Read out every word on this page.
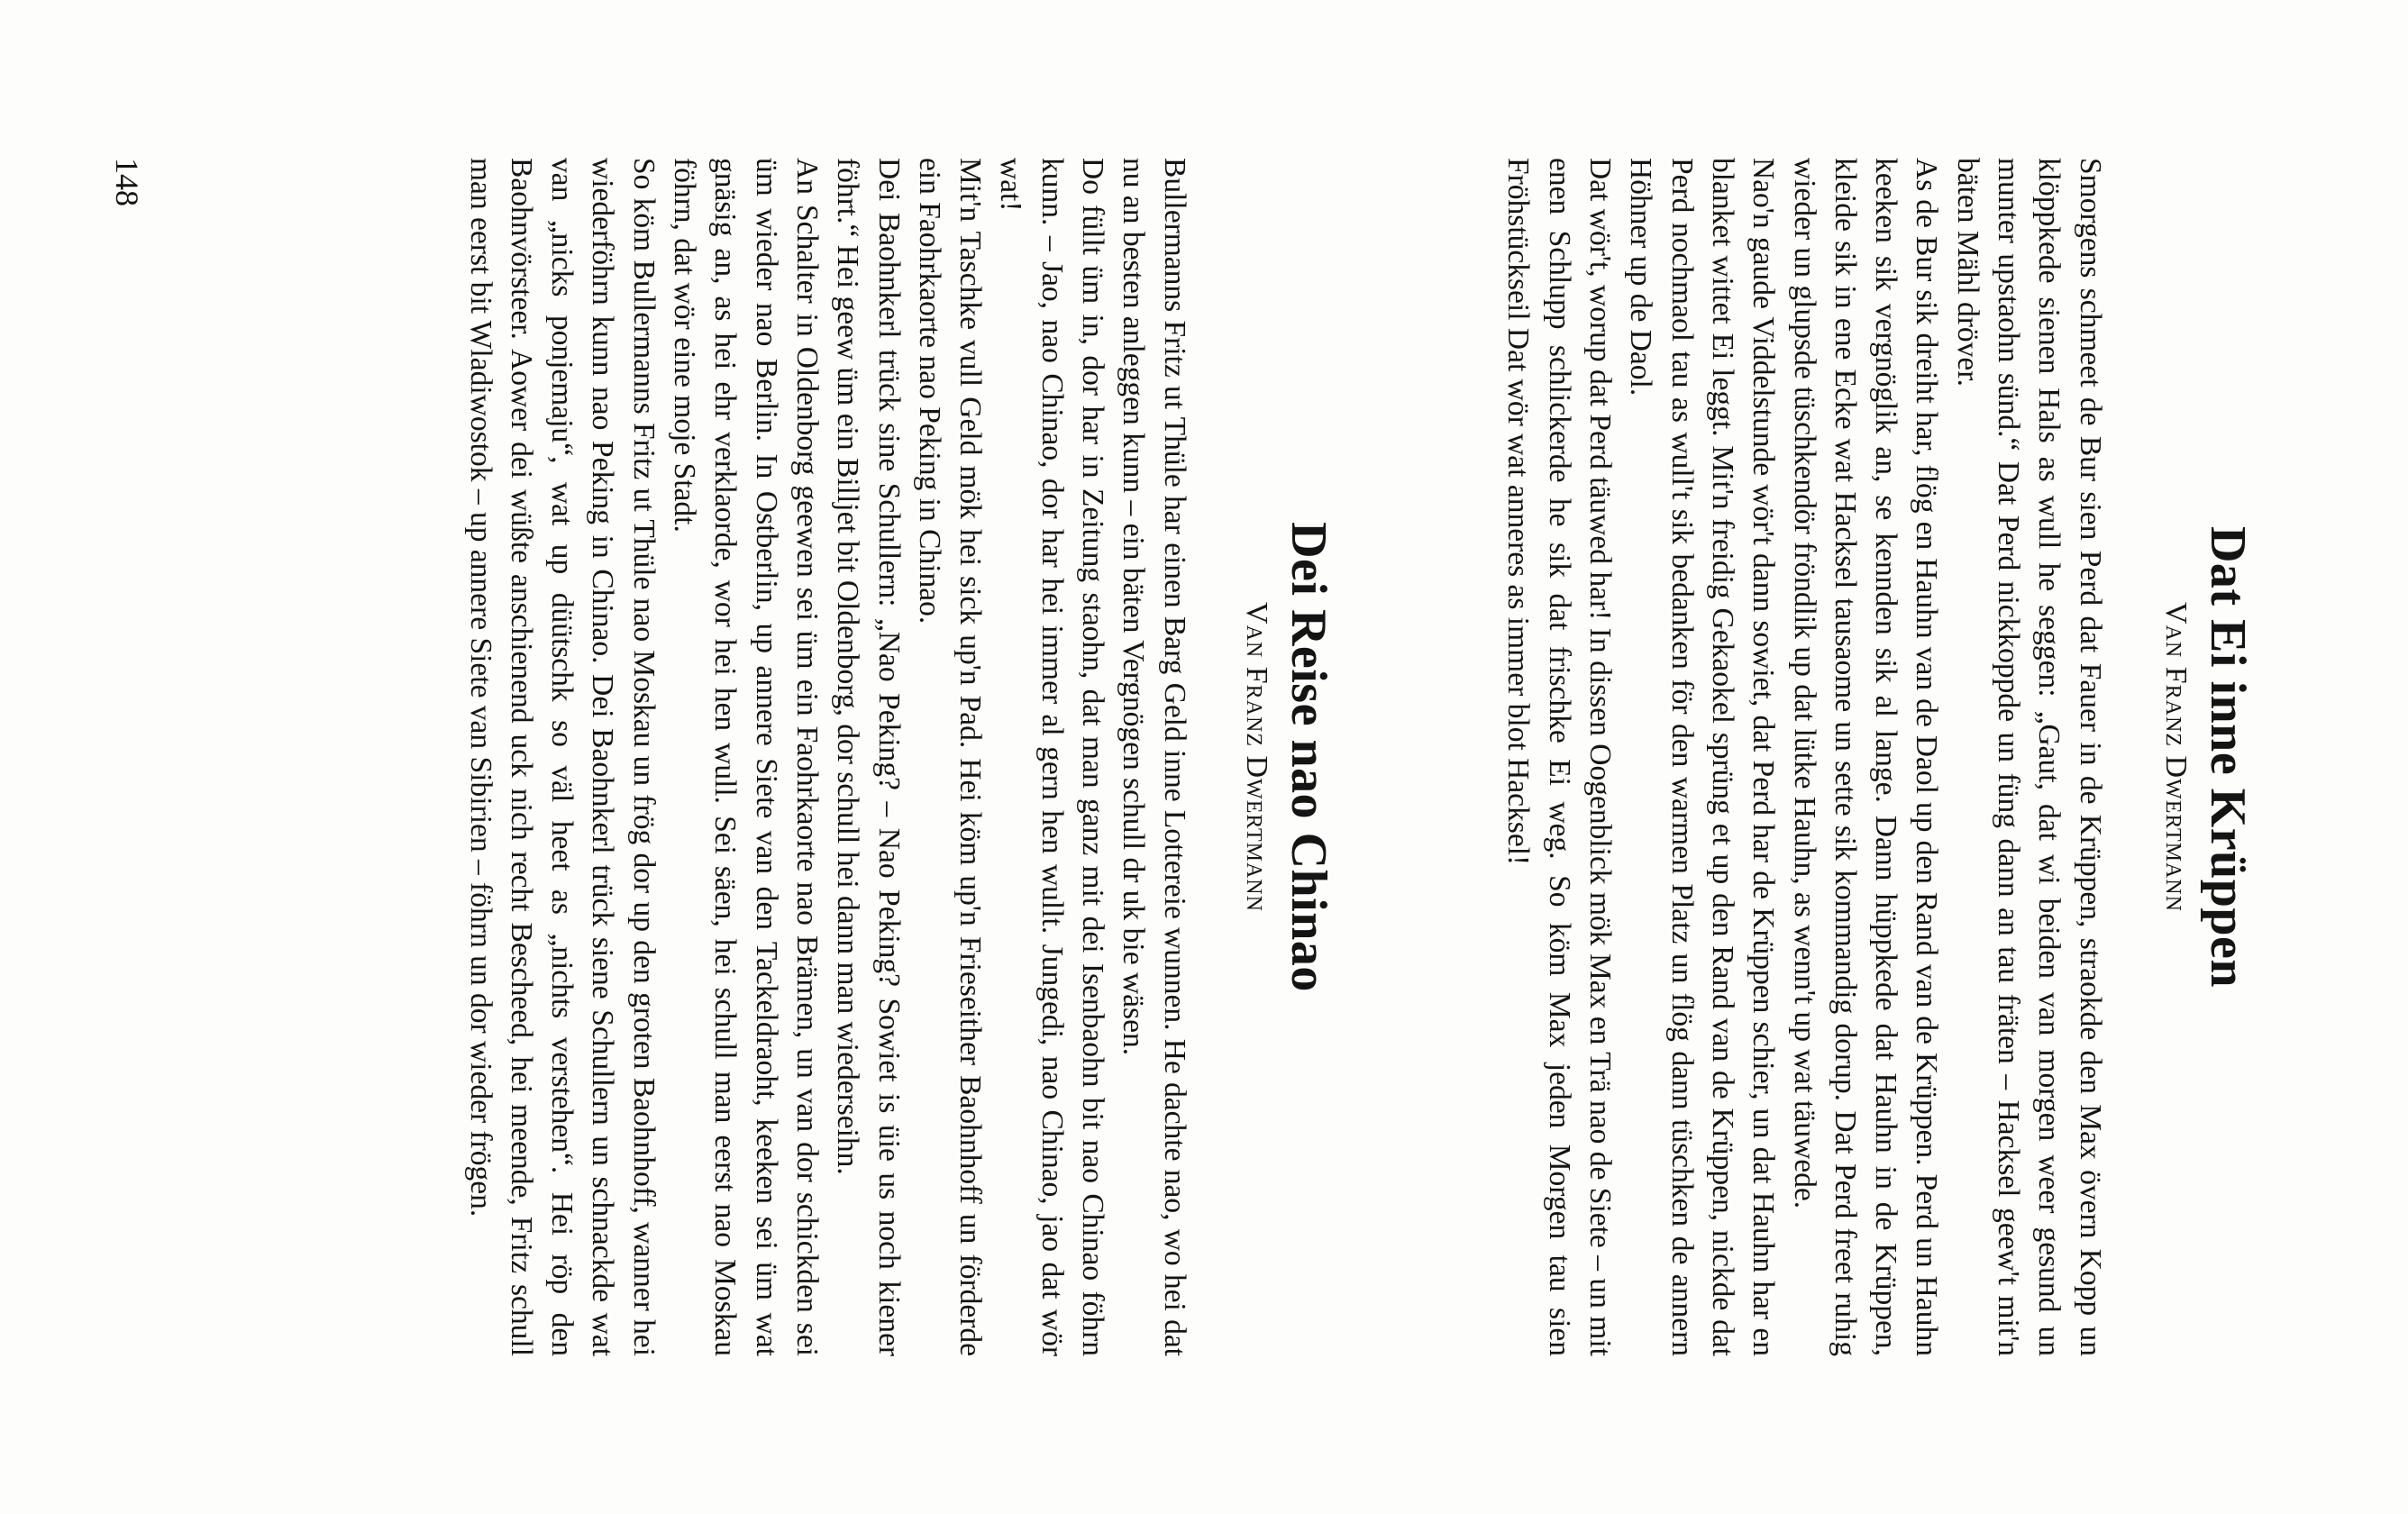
Dat Ei inne Krüppen
Van Franz Dwertmann

Smorgens schmeet de Bur sien Perd dat Fauer in de Krüppen, straokde den Max övern Kopp un klöppkede sienen Hals as wull he seggen: „Gaut, dat wi beiden van morgen weer gesund un munter upstaohn sünd.“ Dat Perd nickkoppde un füng dann an tau fräten – Hacksel geew't mit'n bäten Mähl dröver.

As de Bur sik dreiht har, flög en Hauhn van de Daol up den Rand van de Krüppen. Perd un Hauhn keeken sik vergnöglik an, se kennden sik al lange. Dann hüppkede dat Hauhn in de Krüppen, kleide sik in ene Ecke wat Hacksel tausaome un sette sik kommandig dorup. Dat Perd freet ruhig wieder un glupsde tüschkendör fröndlik up dat lütke Hauhn, as wenn't up wat täuwede.

Nao'n gaude Viddelstunde wör't dann sowiet, dat Perd har de Krüppen schier, un dat Hauhn har en blanket wittet Ei leggt. Mit'n freidig Gekaokel sprüng et up den Rand van de Krüppen, nickde dat Perd nochmaol tau as wull't sik bedanken för den warmen Platz un flög dann tüschken de annern Höhner up de Daol.

Dat wör't, worup dat Perd täuwed har! In dissen Oogenblick mök Max en Trä nao de Siete – un mit enen Schlupp schlickerde he sik dat frischke Ei weg. So köm Max jeden Morgen tau sien Fröhstückseil Dat wör wat anneres as immer blot Hacksel!

Dei Reise nao Chinao
Van Franz Dwertmann

Bullermanns Fritz ut Thüle har einen Barg Geld inne Lottereie wunnen. He dachte nao, wo hei dat nu an besten anleggen kunn – ein bäten Vergnögen schull dr uk bie wäsen.

Do füllt üm in, dor har in Zeitung staohn, dat man ganz mit dei Isenbaohn bit nao Chinao föhrn kunn. – Jao, nao Chinao, dor har hei immer al gern hen wullt. Jungedi, nao Chinao, jao dat wör wat!

Mit'n Taschke vull Geld mök hei sick up'n Pad. Hei köm up'n Frieseither Baohnhoff un förderde ein Faohrkaorte nao Peking in Chinao.

Dei Baohnkerl trück sine Schullern: „Nao Peking? – Nao Peking? Sowiet is üie us noch kiener föhrt.“ Hei geew üm ein Billjet bit Oldenborg, dor schull hei dann man wiederseihn.

An Schalter in Oldenborg geewen sei üm ein Faohrkaorte nao Brämen, un van dor schickden sei üm wieder nao Berlin. In Ostberlin, up annere Siete van den Tackeldraoht, keeken sei üm wat gnäsig an, as hei ehr verklaorde, wor hei hen wull. Sei säen, hei schull man eerst nao Moskau föhrn, dat wör eine moje Stadt.

So köm Bullermanns Fritz ut Thüle nao Moskau un frög dor up den groten Baohnhoff, wanner hei wiederföhrn kunn nao Peking in Chinao. Dei Baohnkerl trück siene Schullern un schnackde wat van „nicks ponjemaju“, wat up düütschk so väl heet as „nichts verstehen“. Hei röp den Baohnvörsteer. Aower dei wüßte anschienend uck nich recht Bescheed, hei meende, Fritz schull man eerst bit Wladiwostok – up annere Siete van Sibirien – föhrn un dor wieder frögen.

148
